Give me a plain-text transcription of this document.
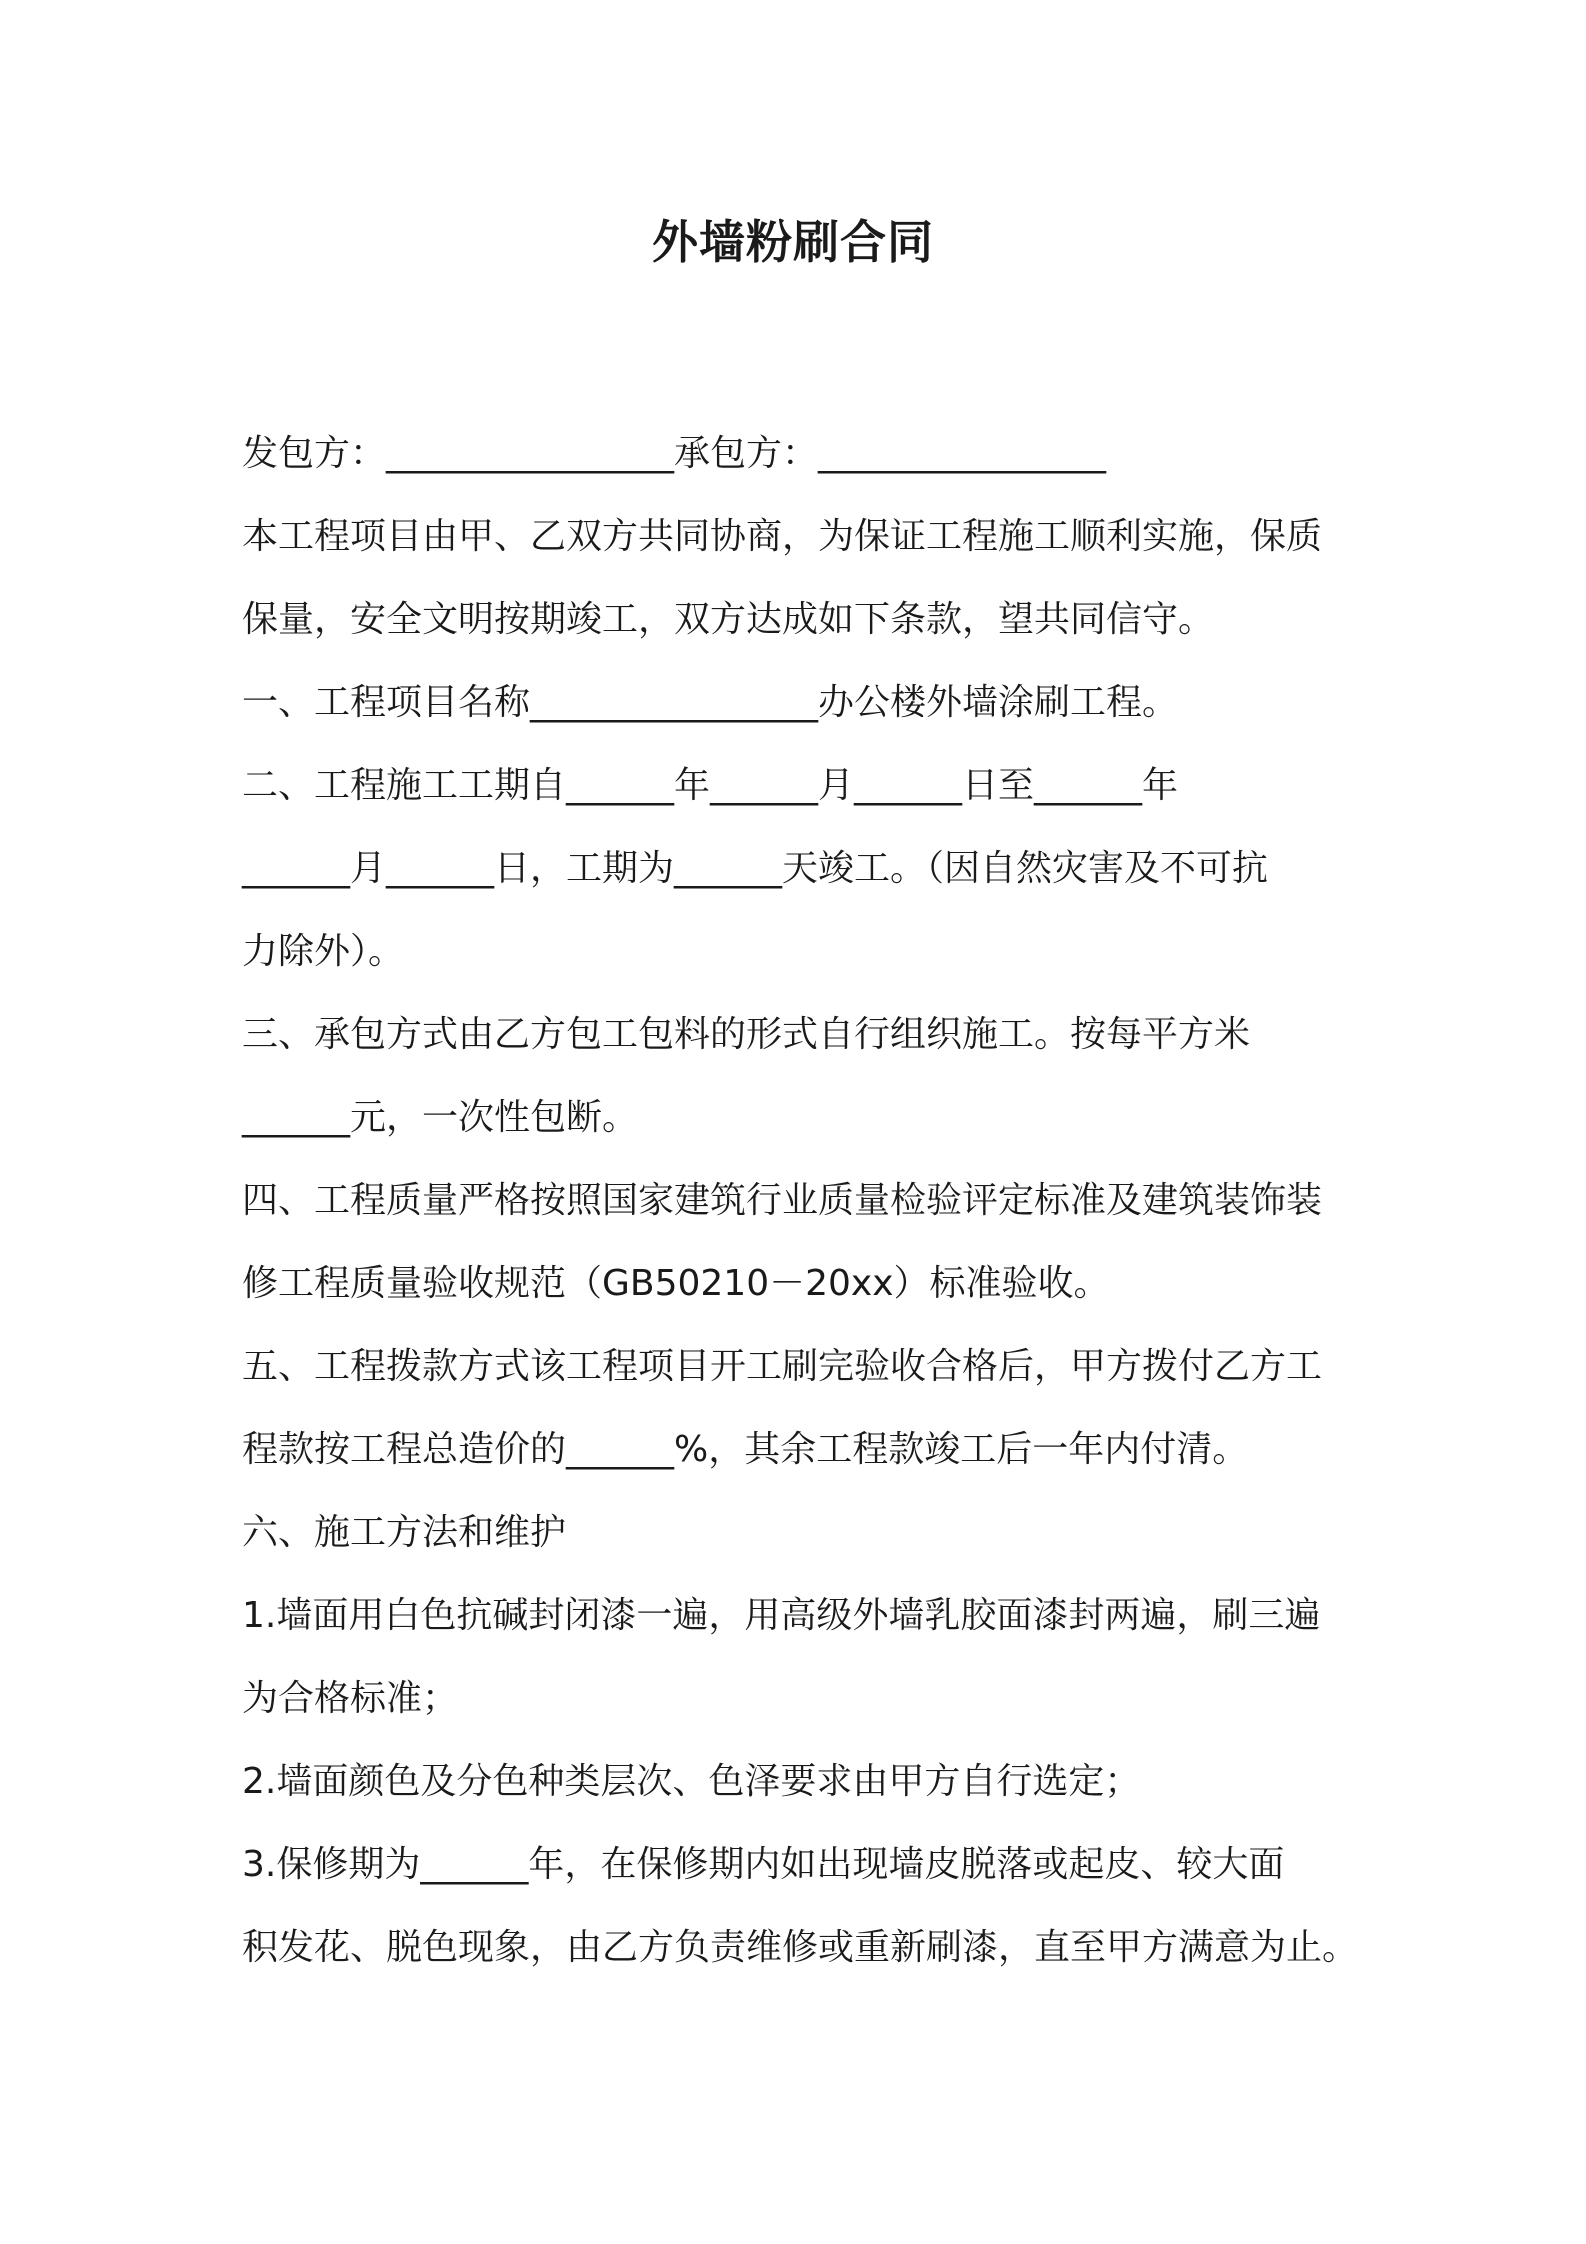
外墙粉刷合同

发包方：________________承包方：________________

本工程项目由甲、乙双方共同协商，为保证工程施工顺利实施，保质

保量，安全文明按期竣工，双方达成如下条款，望共同信守。

一、工程项目名称________________办公楼外墙涂刷工程。

二、工程施工工期自______年______月______日至______年

______月______日，工期为______天竣工。（因自然灾害及不可抗

力除外）。

三、承包方式由乙方包工包料的形式自行组织施工。按每平方米

______元，一次性包断。

四、工程质量严格按照国家建筑行业质量检验评定标准及建筑装饰装

修工程质量验收规范（GB50210－20xx）标准验收。

五、工程拨款方式该工程项目开工刷完验收合格后，甲方拨付乙方工

程款按工程总造价的______%，其余工程款竣工后一年内付清。

六、施工方法和维护

1.墙面用白色抗碱封闭漆一遍，用高级外墙乳胶面漆封两遍，刷三遍

为合格标准；

2.墙面颜色及分色种类层次、色泽要求由甲方自行选定；

3.保修期为______年，在保修期内如出现墙皮脱落或起皮、较大面

积发花、脱色现象，由乙方负责维修或重新刷漆，直至甲方满意为止。
